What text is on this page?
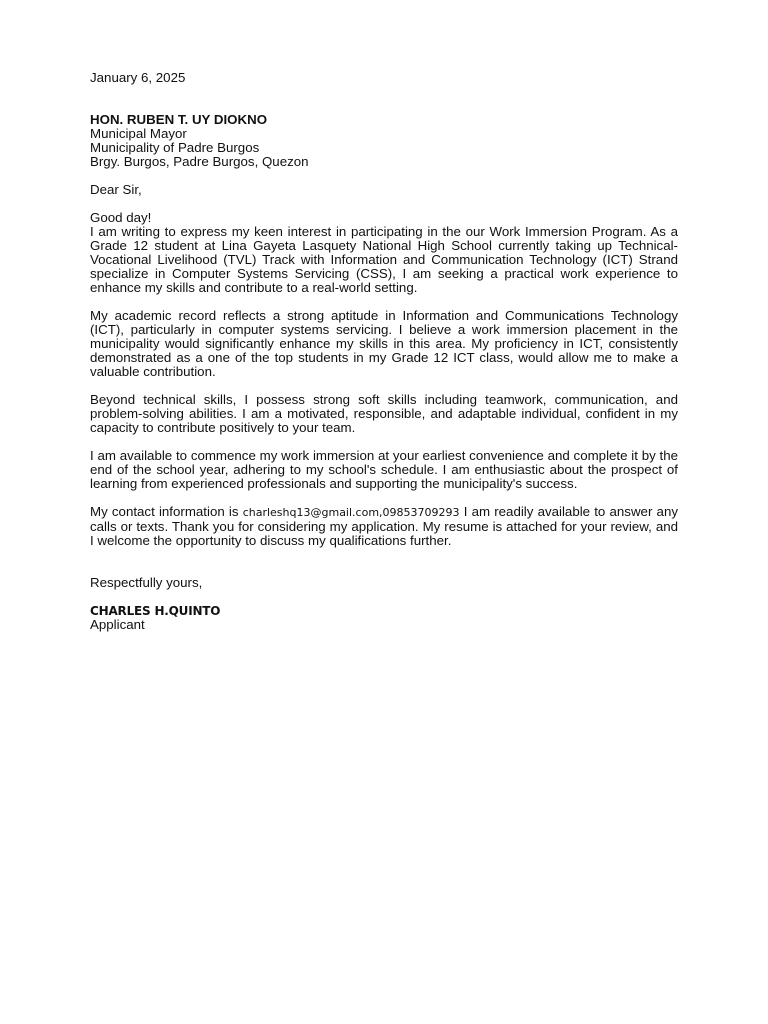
January 6, 2025
HON. RUBEN T. UY DIOKNO
Municipal Mayor
Municipality of Padre Burgos
Brgy. Burgos, Padre Burgos, Quezon
Dear Sir,
Good day!

I am writing to express my keen interest in participating in the our Work Immersion Program. As a Grade 12 student at Lina Gayeta Lasquety National High School currently taking up Technical-Vocational Livelihood (TVL) Track with Information and Communication Technology (ICT) Strand specialize in Computer Systems Servicing (CSS), I am seeking a practical work experience to enhance my skills and contribute to a real-world setting.

My academic record reflects a strong aptitude in Information and Communications Technology (ICT), particularly in computer systems servicing. I believe a work immersion placement in the municipality would significantly enhance my skills in this area. My proficiency in ICT, consistently demonstrated as a one of the top students in my Grade 12 ICT class, would allow me to make a valuable contribution.

Beyond technical skills, I possess strong soft skills including teamwork, communication, and problem-solving abilities. I am a motivated, responsible, and adaptable individual, confident in my capacity to contribute positively to your team.

I am available to commence my work immersion at your earliest convenience and complete it by the end of the school year, adhering to my school's schedule. I am enthusiastic about the prospect of learning from experienced professionals and supporting the municipality's success.

My contact information is charleshq13@gmail.com,09853709293 I am readily available to answer any calls or texts. Thank you for considering my application. My resume is attached for your review, and I welcome the opportunity to discuss my qualifications further.

Respectfully yours,
CHARLES H.QUINTO
Applicant
